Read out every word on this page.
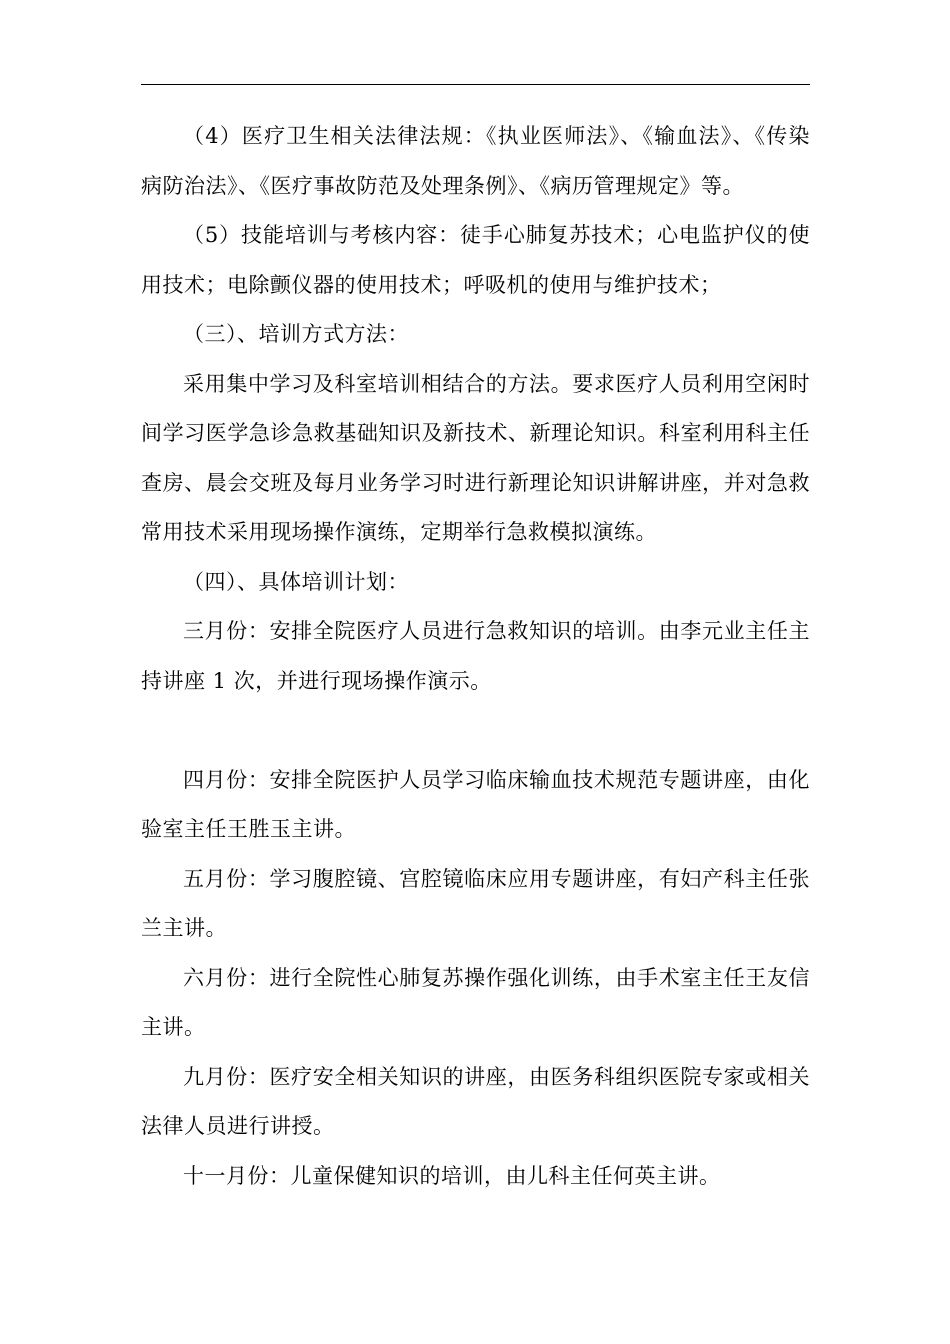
（4）医疗卫生相关法律法规：《执业医师法》、《输血法》、《传染病防治法》、《医疗事故防范及处理条例》、《病历管理规定》等。

（5）技能培训与考核内容：徒手心肺复苏技术；心电监护仪的使用技术；电除颤仪器的使用技术；呼吸机的使用与维护技术；

（三）、培训方式方法：

采用集中学习及科室培训相结合的方法。要求医疗人员利用空闲时间学习医学急诊急救基础知识及新技术、新理论知识。科室利用科主任查房、晨会交班及每月业务学习时进行新理论知识讲解讲座，并对急救常用技术采用现场操作演练，定期举行急救模拟演练。

（四）、具体培训计划：

三月份：安排全院医疗人员进行急救知识的培训。由李元业主任主持讲座 1 次，并进行现场操作演示。

四月份：安排全院医护人员学习临床输血技术规范专题讲座，由化验室主任王胜玉主讲。

五月份：学习腹腔镜、宫腔镜临床应用专题讲座，有妇产科主任张兰主讲。

六月份：进行全院性心肺复苏操作强化训练，由手术室主任王友信主讲。

九月份：医疗安全相关知识的讲座，由医务科组织医院专家或相关法律人员进行讲授。

十一月份：儿童保健知识的培训，由儿科主任何英主讲。
